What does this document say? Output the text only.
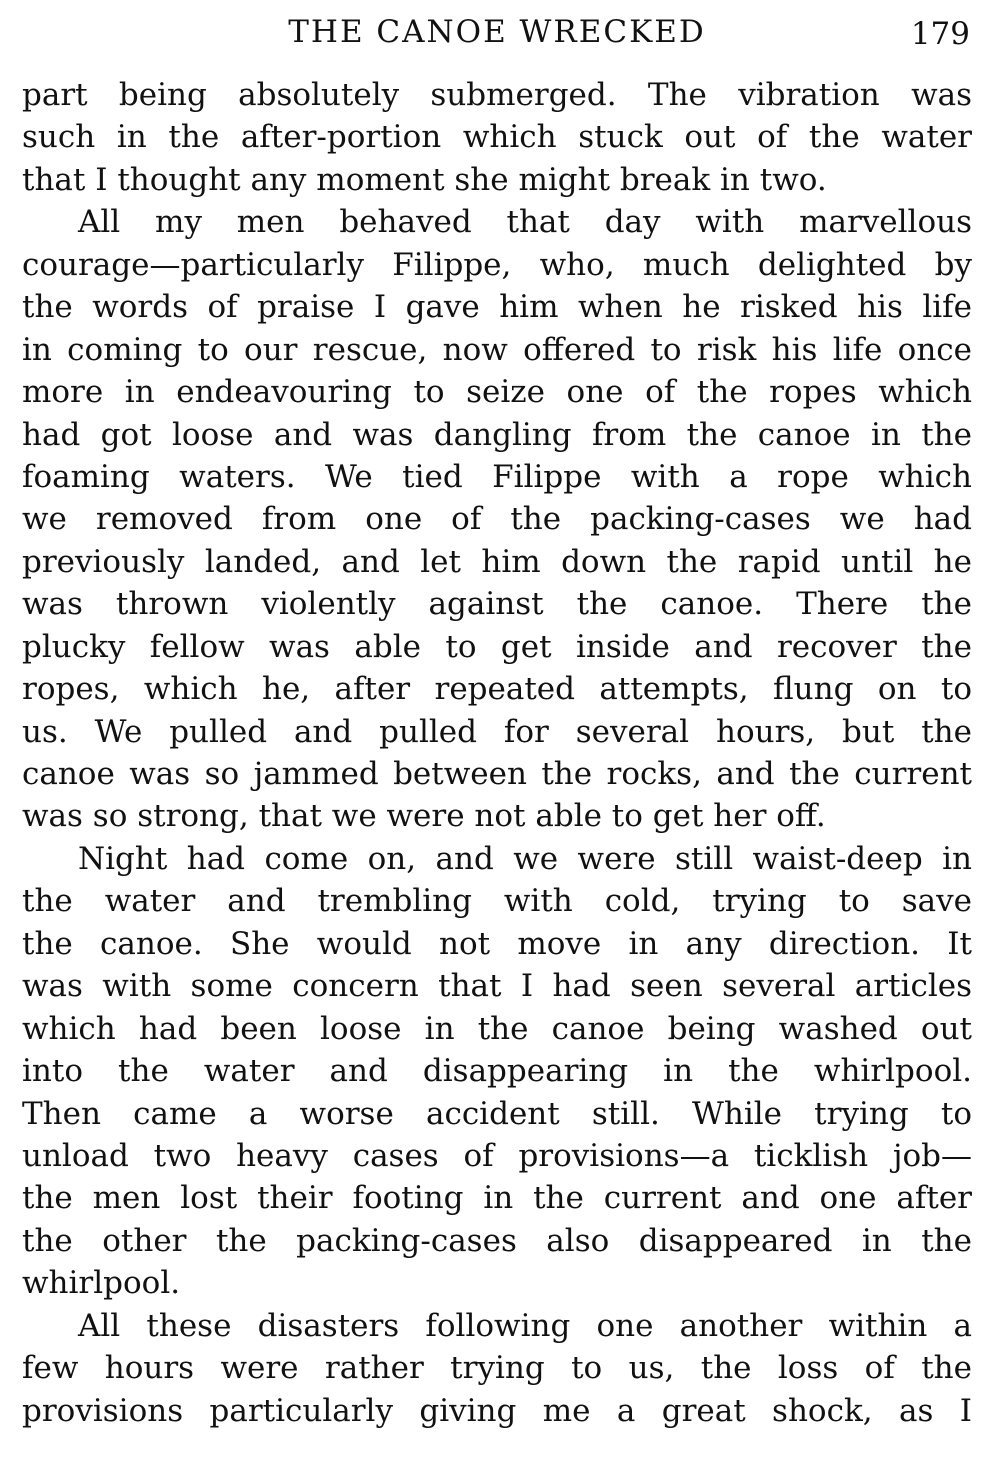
THE CANOE WRECKED	179
part being absolutely submerged. The vibration was
such in the after-portion which stuck out of the water
that I thought any moment she might break in two.
All my men behaved that day with marvellous
courage—particularly Filippe, who, much delighted by
the words of praise I gave him when he risked his life
in coming to our rescue, now offered to risk his life once
more in endeavouring to seize one of the ropes which
had got loose and was dangling from the canoe in the
foaming waters. We tied Filippe with a rope which
we removed from one of the packing-cases we had
previously landed, and let him down the rapid until he
was thrown violently against the canoe. There the
plucky fellow was able to get inside and recover the
ropes, which he, after repeated attempts, flung on to
us. We pulled and pulled for several hours, but the
canoe was so jammed between the rocks, and the current
was so strong, that we were not able to get her off.
Night had come on, and we were still waist-deep in
the water and trembling with cold, trying to save
the canoe. She would not move in any direction. It
was with some concern that I had seen several articles
which had been loose in the canoe being washed out
into the water and disappearing in the whirlpool.
Then came a worse accident still. While trying to
unload two heavy cases of provisions—a ticklish job—
the men lost their footing in the current and one after
the other the packing-cases also disappeared in the
whirlpool.
All these disasters following one another within a
few hours were rather trying to us, the loss of the
provisions particularly giving me a great shock, as I
